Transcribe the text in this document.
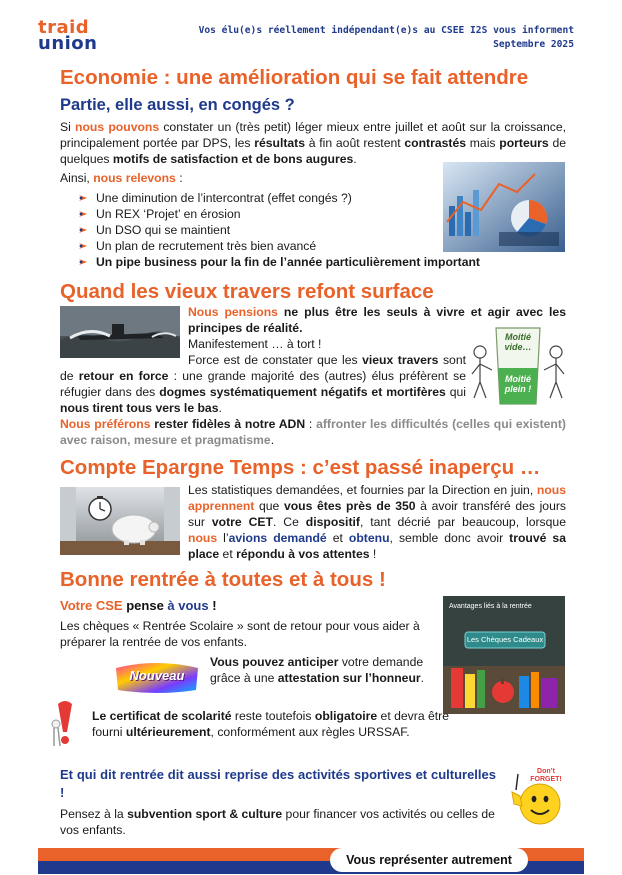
traid
union
Vos élu(e)s réellement indépendant(e)s au CSEE I2S vous informent
Septembre 2025
Economie : une amélioration qui se fait attendre
Partie, elle aussi, en congés ?
Si nous pouvons constater un (très petit) léger mieux entre juillet et août sur la croissance, principalement portée par DPS, les résultats à fin août restent contrastés mais porteurs de quelques motifs de satisfaction et de bons augures.
Ainsi, nous relevons :
Une diminution de l’intercontrat (effet congés ?)
Un REX ‘Projet’ en érosion
Un DSO qui se maintient
Un plan de recrutement très bien avancé
Un pipe business pour la fin de l’année particulièrement important
Quand les vieux travers refont surface
Nous pensions ne plus être les seuls à vivre et agir avec les principes de réalité.
Manifestement … à tort !
Force est de constater que les vieux travers sont de retour en force : une grande majorité des (autres) élus préfèrent se réfugier dans des dogmes systématiquement négatifs et mortifères qui nous tirent tous vers le bas.
Nous préférons rester fidèles à notre ADN : affronter les difficultés (celles qui existent) avec raison, mesure et pragmatisme.
Moitié vide…
Moitié plein !
Compte Epargne Temps : c’est passé inaperçu …
Les statistiques demandées, et fournies par la Direction en juin, nous apprennent que vous êtes près de 350 à avoir transféré des jours sur votre CET. Ce dispositif, tant décrié par beaucoup, lorsque nous l’avions demandé et obtenu, semble donc avoir trouvé sa place et répondu à vos attentes !
Bonne rentrée à toutes et à tous !
Votre CSE pense à vous !
Les chèques « Rentrée Scolaire » sont de retour pour vous aider à préparer la rentrée de vos enfants.
Nouveau
Vous pouvez anticiper votre demande grâce à une attestation sur l’honneur.
Avantages liés à la rentrée
Les Chèques Cadeaux
Le certificat de scolarité reste toutefois obligatoire et devra être fourni ultérieurement, conformément aux règles URSSAF.
Et qui dit rentrée dit aussi reprise des activités sportives et culturelles !
Pensez à la subvention sport & culture pour financer vos activités ou celles de vos enfants.
Don’t FORGET!
Vous représenter autrement
